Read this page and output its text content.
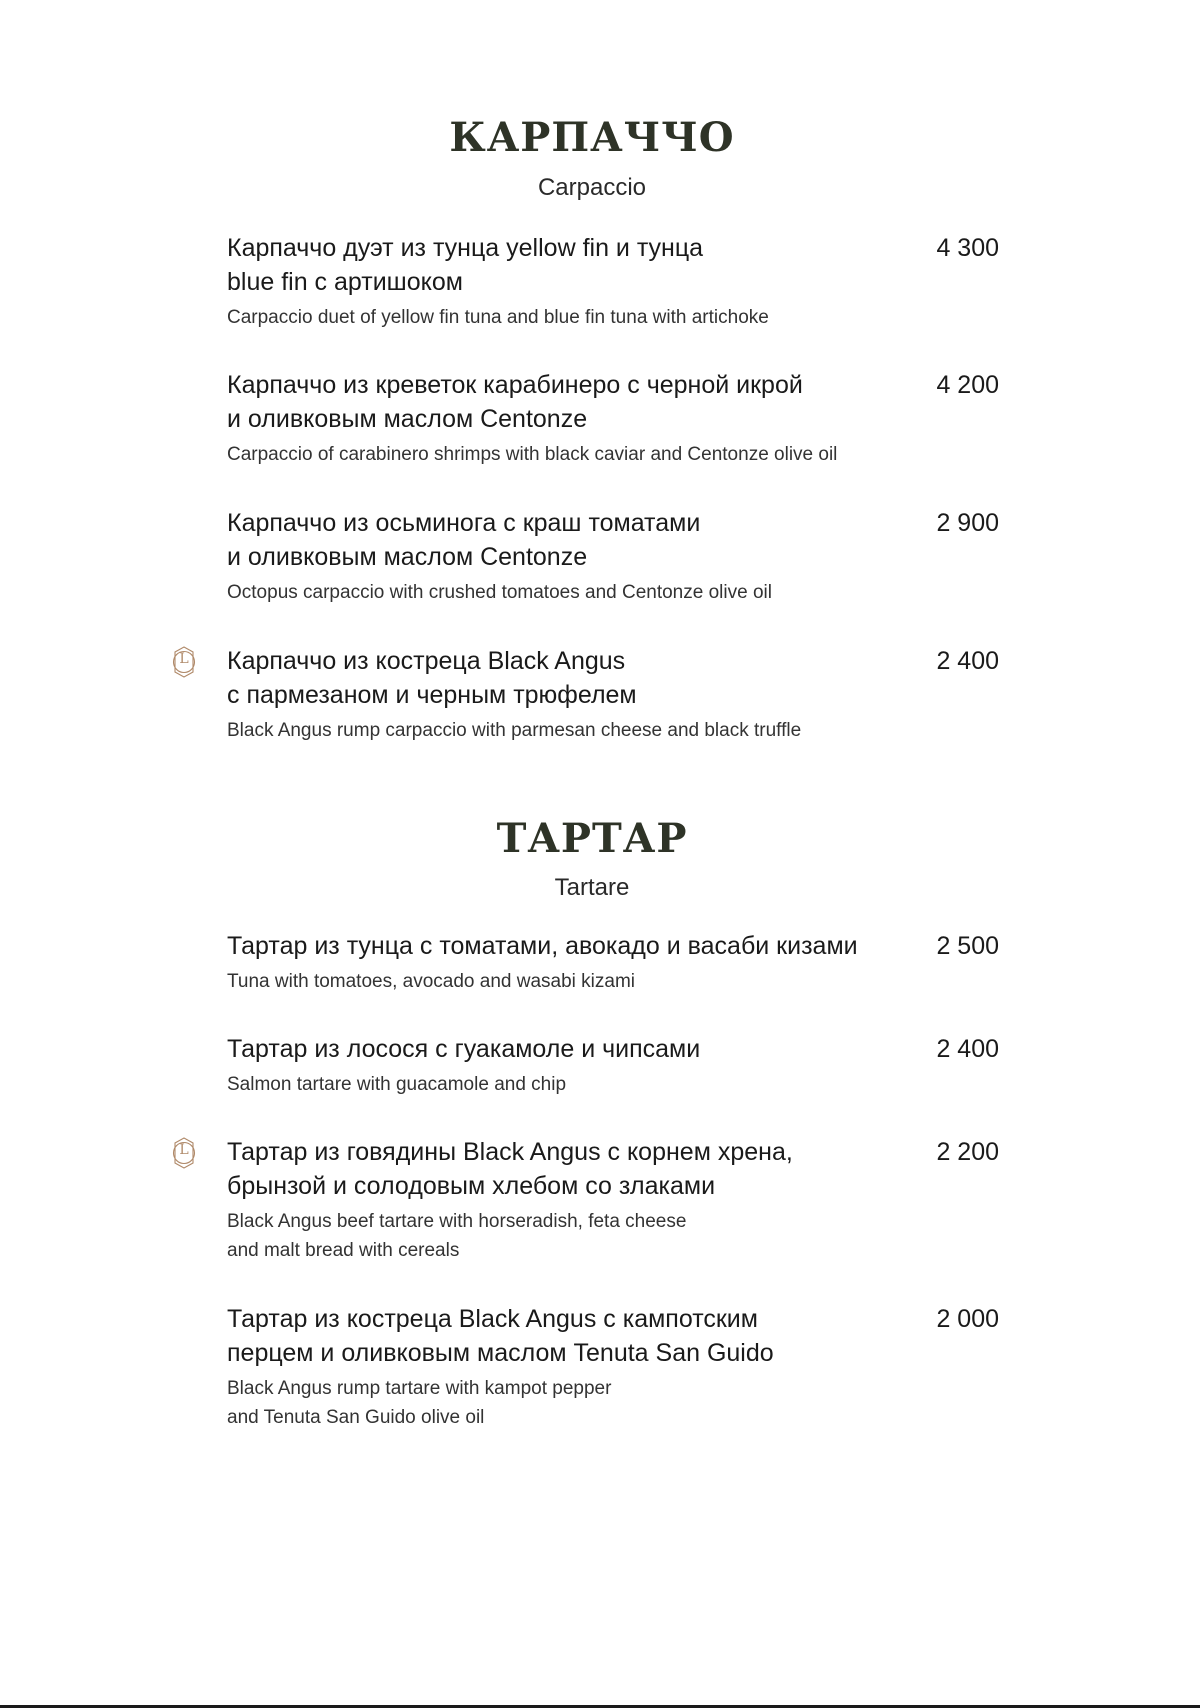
КАРПАЧЧО
Carpaccio
Карпаччо дуэт из тунца yellow fin и тунца
blue fin с артишоком
Carpaccio duet of yellow fin tuna and blue fin tuna with artichoke
4 300
Карпаччо из креветок карабинеро с черной икрой
и оливковым маслом Centonze
Carpaccio of carabinero shrimps with black caviar and Centonze olive oil
4 200
Карпаччо из осьминога с краш томатами
и оливковым маслом Centonze
Octopus carpaccio with crushed tomatoes and Centonze olive oil
2 900
L	Карпаччо из кострeца Black Angus
с пармезаном и черным трюфелем
Black Angus rump carpaccio with parmesan cheese and black truffle
2 400
ТАРТАР
Tartare
Тартар из тунца с томатами, авокадо и васаби кизами
Tuna with tomatoes, avocado and wasabi kizami
2 500
Тартар из лосося с гуакамоле и чипсами
Salmon tartare with guacamole and chip
2 400
L	Тартар из говядины Black Angus с корнем хрена,
брынзой и солодовым хлебом со злаками
Black Angus beef tartare with horseradish, feta cheese
and malt bread with cereals
2 200
Тартар из кострeца Black Angus с кампотским
перцем и оливковым маслом Tenuta San Guido
Black Angus rump tartare with kampot pepper
and Tenuta San Guido olive oil
2 000
